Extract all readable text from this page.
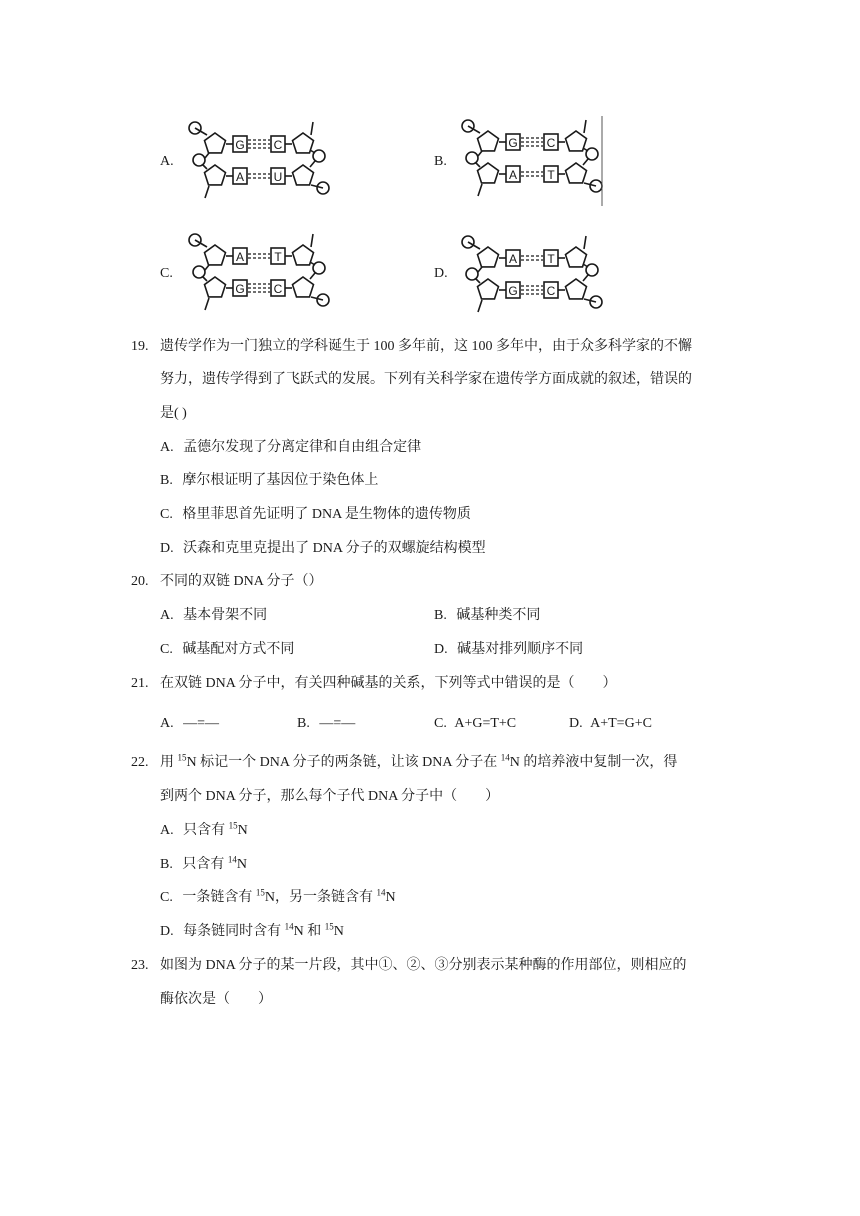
A.
G C
A U
B.
G C
A	T
C.
A	T
G C
D.
A	T
G C
19. 遗传学作为一门独立的学科诞生于 100 多年前，这 100 多年中，由于众多科学家的不懈
努力，遗传学得到了飞跃式的发展。下列有关科学家在遗传学方面成就的叙述，错误的
是( )
A. 孟德尔发现了分离定律和自由组合定律
B. 摩尔根证明了基因位于染色体上
C. 格里菲思首先证明了 DNA 是生物体的遗传物质
D. 沃森和克里克提出了 DNA 分子的双螺旋结构模型
20. 不同的双链 DNA 分子（）
A. 基本骨架不同	B. 碱基种类不同
C. 碱基配对方式不同	D. 碱基对排列顺序不同
21. 在双链 DNA 分子中，有关四种碱基的关系，下列等式中错误的是（　　）
A. —=—	B. —=—	C. A+G=T+C	D. A+T=G+C
22. 用 $^{15}$N 标记一个 DNA 分子的两条链，让该 DNA 分子在 $^{14}$N 的培养液中复制一次，得
到两个 DNA 分子，那么每个子代 DNA 分子中（　　）
A. 只含有 $^{15}$N
B. 只含有 $^{14}$N
C. 一条链含有 $^{15}$N，另一条链含有 $^{14}$N
D. 每条链同时含有 $^{14}$N 和 $^{15}$N
23. 如图为 DNA 分子的某一片段，其中①、②、③分别表示某种酶的作用部位，则相应的
酶依次是（　　）
